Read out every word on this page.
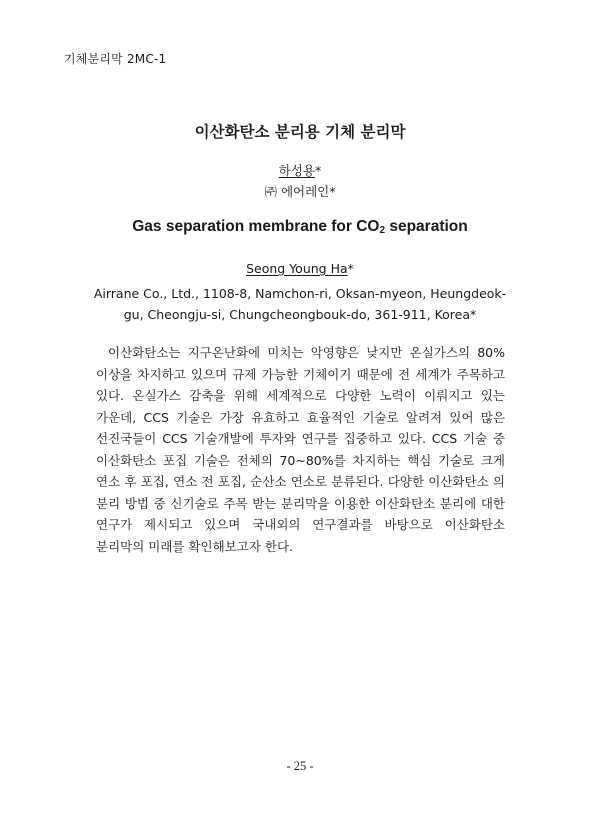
기체분리막 2MC-1
이산화탄소 분리용 기체 분리막
하성용*
㈜ 에어레인*
Gas separation membrane for $CO_2$ separation
Seong Young Ha*
Airrane Co., Ltd., 1108-8, Namchon-ri, Oksan-myeon, Heungdeok-gu, Cheongju-si, Chungcheongbouk-do, 361-911, Korea*
이산화탄소는 지구온난화에 미치는 악영향은 낮지만 온실가스의 80% 이상을 차지하고 있으며 규제 가능한 기체이기 때문에 전 세계가 주목하고 있다. 온실가스 감축을 위해 세계적으로 다양한 노력이 이뤄지고 있는 가운데, CCS 기술은 가장 유효하고 효율적인 기술로 알려져 있어 많은 선진국들이 CCS 기술개발에 투자와 연구를 집중하고 있다. CCS 기술 중 이산화탄소 포집 기술은 전체의 70~80%를 차지하는 핵심 기술로 크게 연소 후 포집, 연소 전 포집, 순산소 연소로 분류된다. 다양한 이산화탄소 의 분리 방법 중 신기술로 주목 받는 분리막을 이용한 이산화탄소 분리에 대한 연구가 제시되고 있으며 국내외의 연구결과를 바탕으로 이산화탄소 분리막의 미래를 확인해보고자 한다.
- 25 -
